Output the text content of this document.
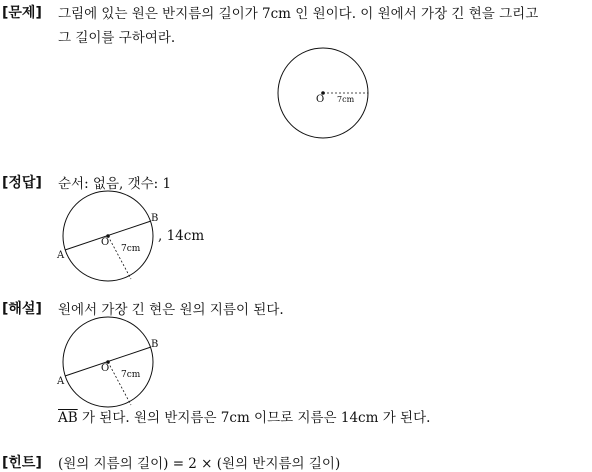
[문제] 그림에 있는 원은 반지름의 길이가 7cm 인 원이다. 이 원에서 가장 긴 현을 그리고
그 길이를 구하여라.
O 7cm
[정답] 순서: 없음, 갯수: 1
A
B
O
7cm
, 14cm
[해설] 원에서 가장 긴 현은 원의 지름이 된다.
A
B
O
7cm
$\overline{AB}$ 가 된다. 원의 반지름은 7cm 이므로 지름은 14cm 가 된다.
[힌트] (원의 지름의 길이) = 2 × (원의 반지름의 길이)
